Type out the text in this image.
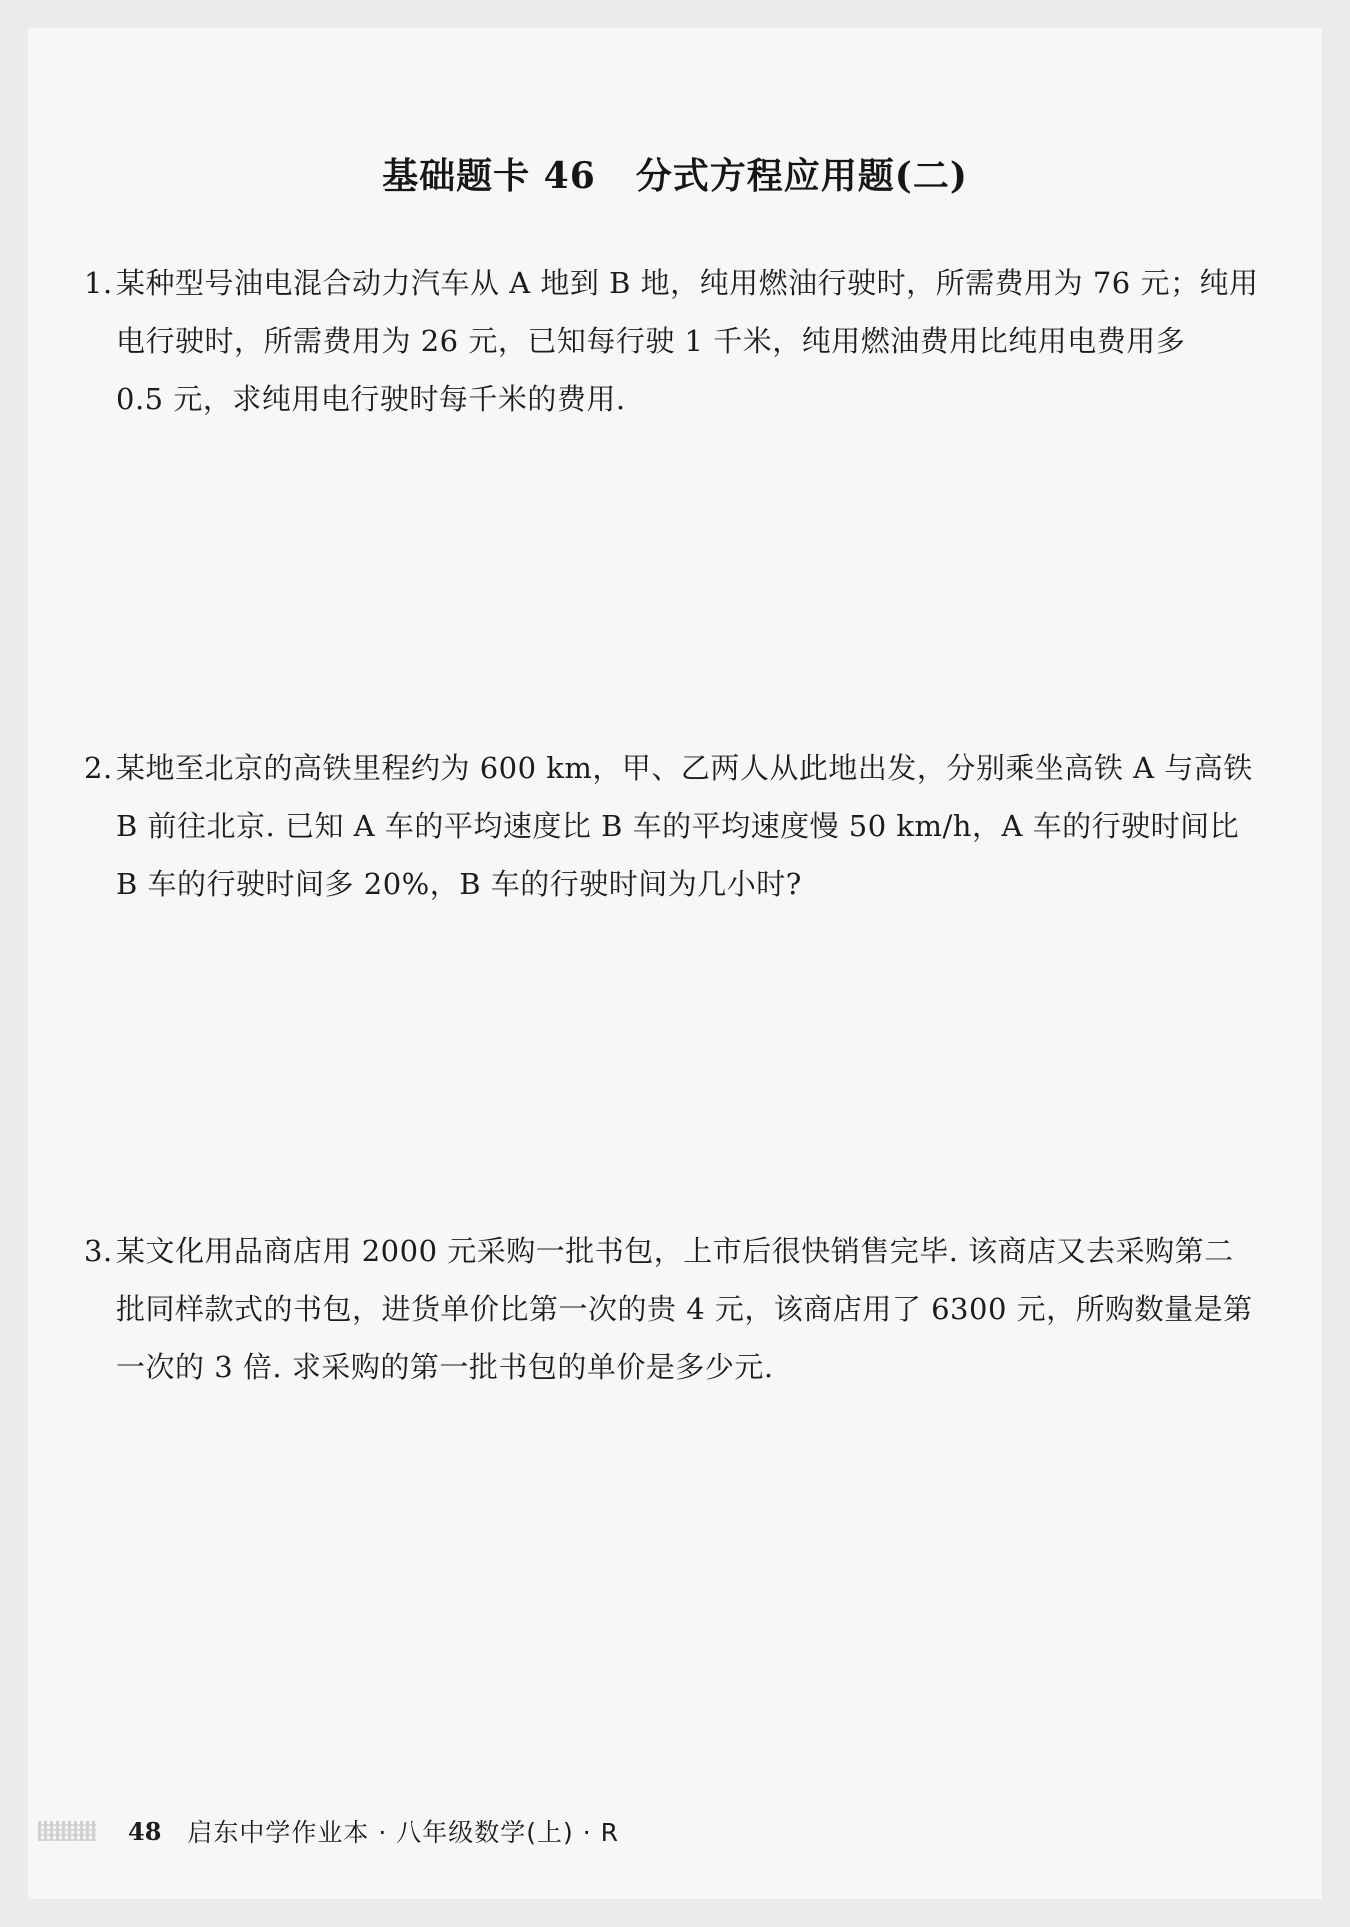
基础题卡 46 分式方程应用题(二)
1. 某种型号油电混合动力汽车从 A 地到 B 地，纯用燃油行驶时，所需费用为 76 元；纯用
电行驶时，所需费用为 26 元，已知每行驶 1 千米，纯用燃油费用比纯用电费用多
0.5 元，求纯用电行驶时每千米的费用.
2. 某地至北京的高铁里程约为 600 km，甲、乙两人从此地出发，分别乘坐高铁 A 与高铁
B 前往北京. 已知 A 车的平均速度比 B 车的平均速度慢 50 km/h，A 车的行驶时间比
B 车的行驶时间多 20%，B 车的行驶时间为几小时?
3. 某文化用品商店用 2000 元采购一批书包，上市后很快销售完毕. 该商店又去采购第二
批同样款式的书包，进货单价比第一次的贵 4 元，该商店用了 6300 元，所购数量是第
一次的 3 倍. 求采购的第一批书包的单价是多少元.
48 启东中学作业本 · 八年级数学(上) · R
